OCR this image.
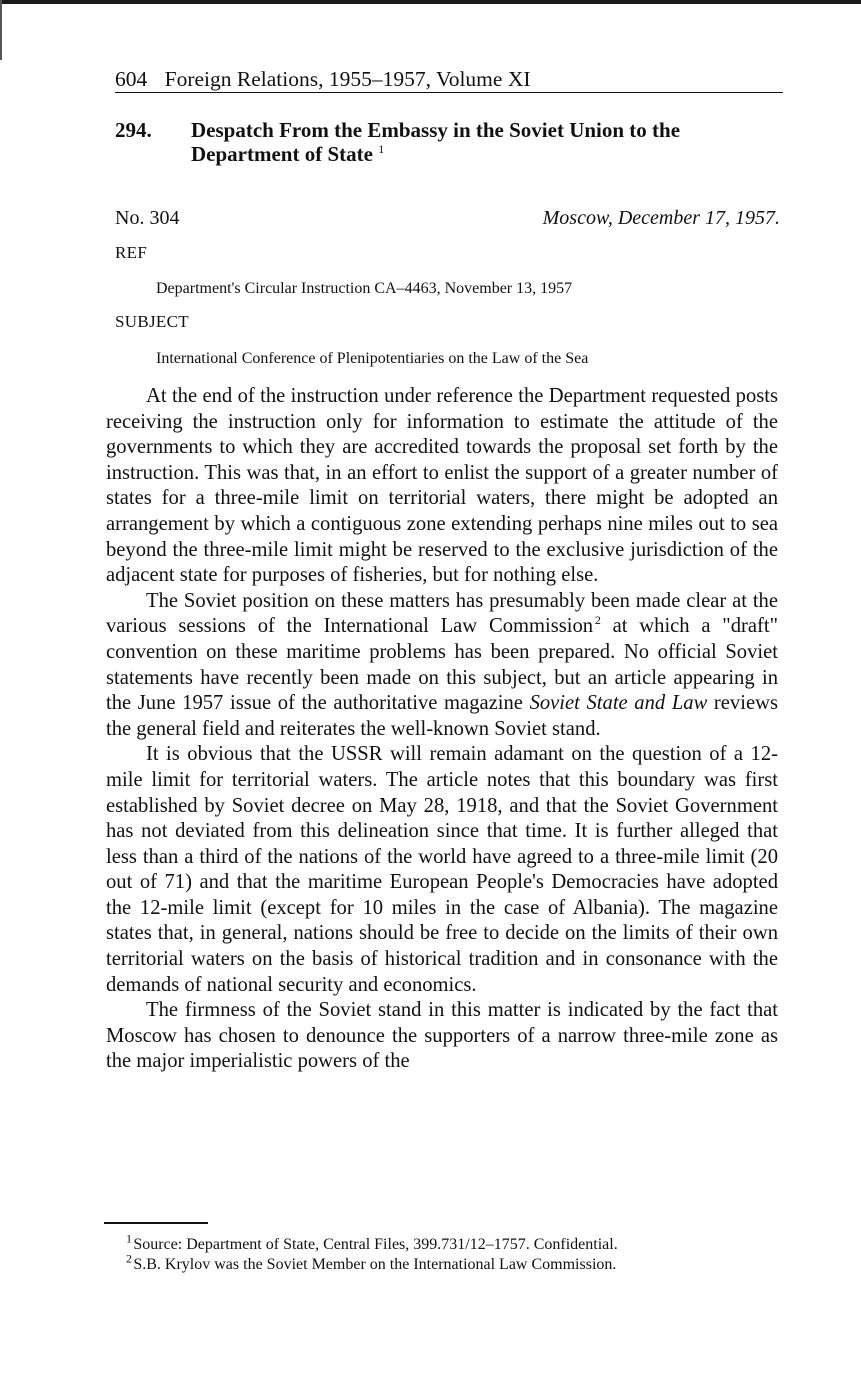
604 Foreign Relations, 1955–1957, Volume XI
294. Despatch From the Embassy in the Soviet Union to the Department of State $^1$
No. 304	Moscow, December 17, 1957.
REF
Department's Circular Instruction CA–4463, November 13, 1957
SUBJECT
International Conference of Plenipotentiaries on the Law of the Sea

At the end of the instruction under reference the Department requested posts receiving the instruction only for information to estimate the attitude of the governments to which they are accredited towards the proposal set forth by the instruction. This was that, in an effort to enlist the support of a greater number of states for a three-mile limit on territorial waters, there might be adopted an arrangement by which a contiguous zone extending perhaps nine miles out to sea beyond the three-mile limit might be reserved to the exclusive jurisdiction of the adjacent state for purposes of fisheries, but for nothing else.

The Soviet position on these matters has presumably been made clear at the various sessions of the International Law Commission  $^2$ at which a "draft" convention on these maritime problems has been prepared. No official Soviet statements have recently been made on this subject, but an article appearing in the June 1957 issue of the authoritative magazine Soviet State and Law reviews the general field and reiterates the well-known Soviet stand.

It is obvious that the USSR will remain adamant on the question of a 12-mile limit for territorial waters. The article notes that this boundary was first established by Soviet decree on May 28, 1918, and that the Soviet Government has not deviated from this delineation since that time. It is further alleged that less than a third of the nations of the world have agreed to a three-mile limit (20 out of 71) and that the maritime European People's Democracies have adopted the 12-mile limit (except for 10 miles in the case of Albania). The magazine states that, in general, nations should be free to decide on the limits of their own territorial waters on the basis of historical tradition and in consonance with the demands of national security and economics.

The firmness of the Soviet stand in this matter is indicated by the fact that Moscow has chosen to denounce the supporters of a narrow three-mile zone as the major imperialistic powers of the

$^1$ Source: Department of State, Central Files, 399.731/12–1757. Confidential.

$^2$ S.B. Krylov was the Soviet Member on the International Law Commission.
